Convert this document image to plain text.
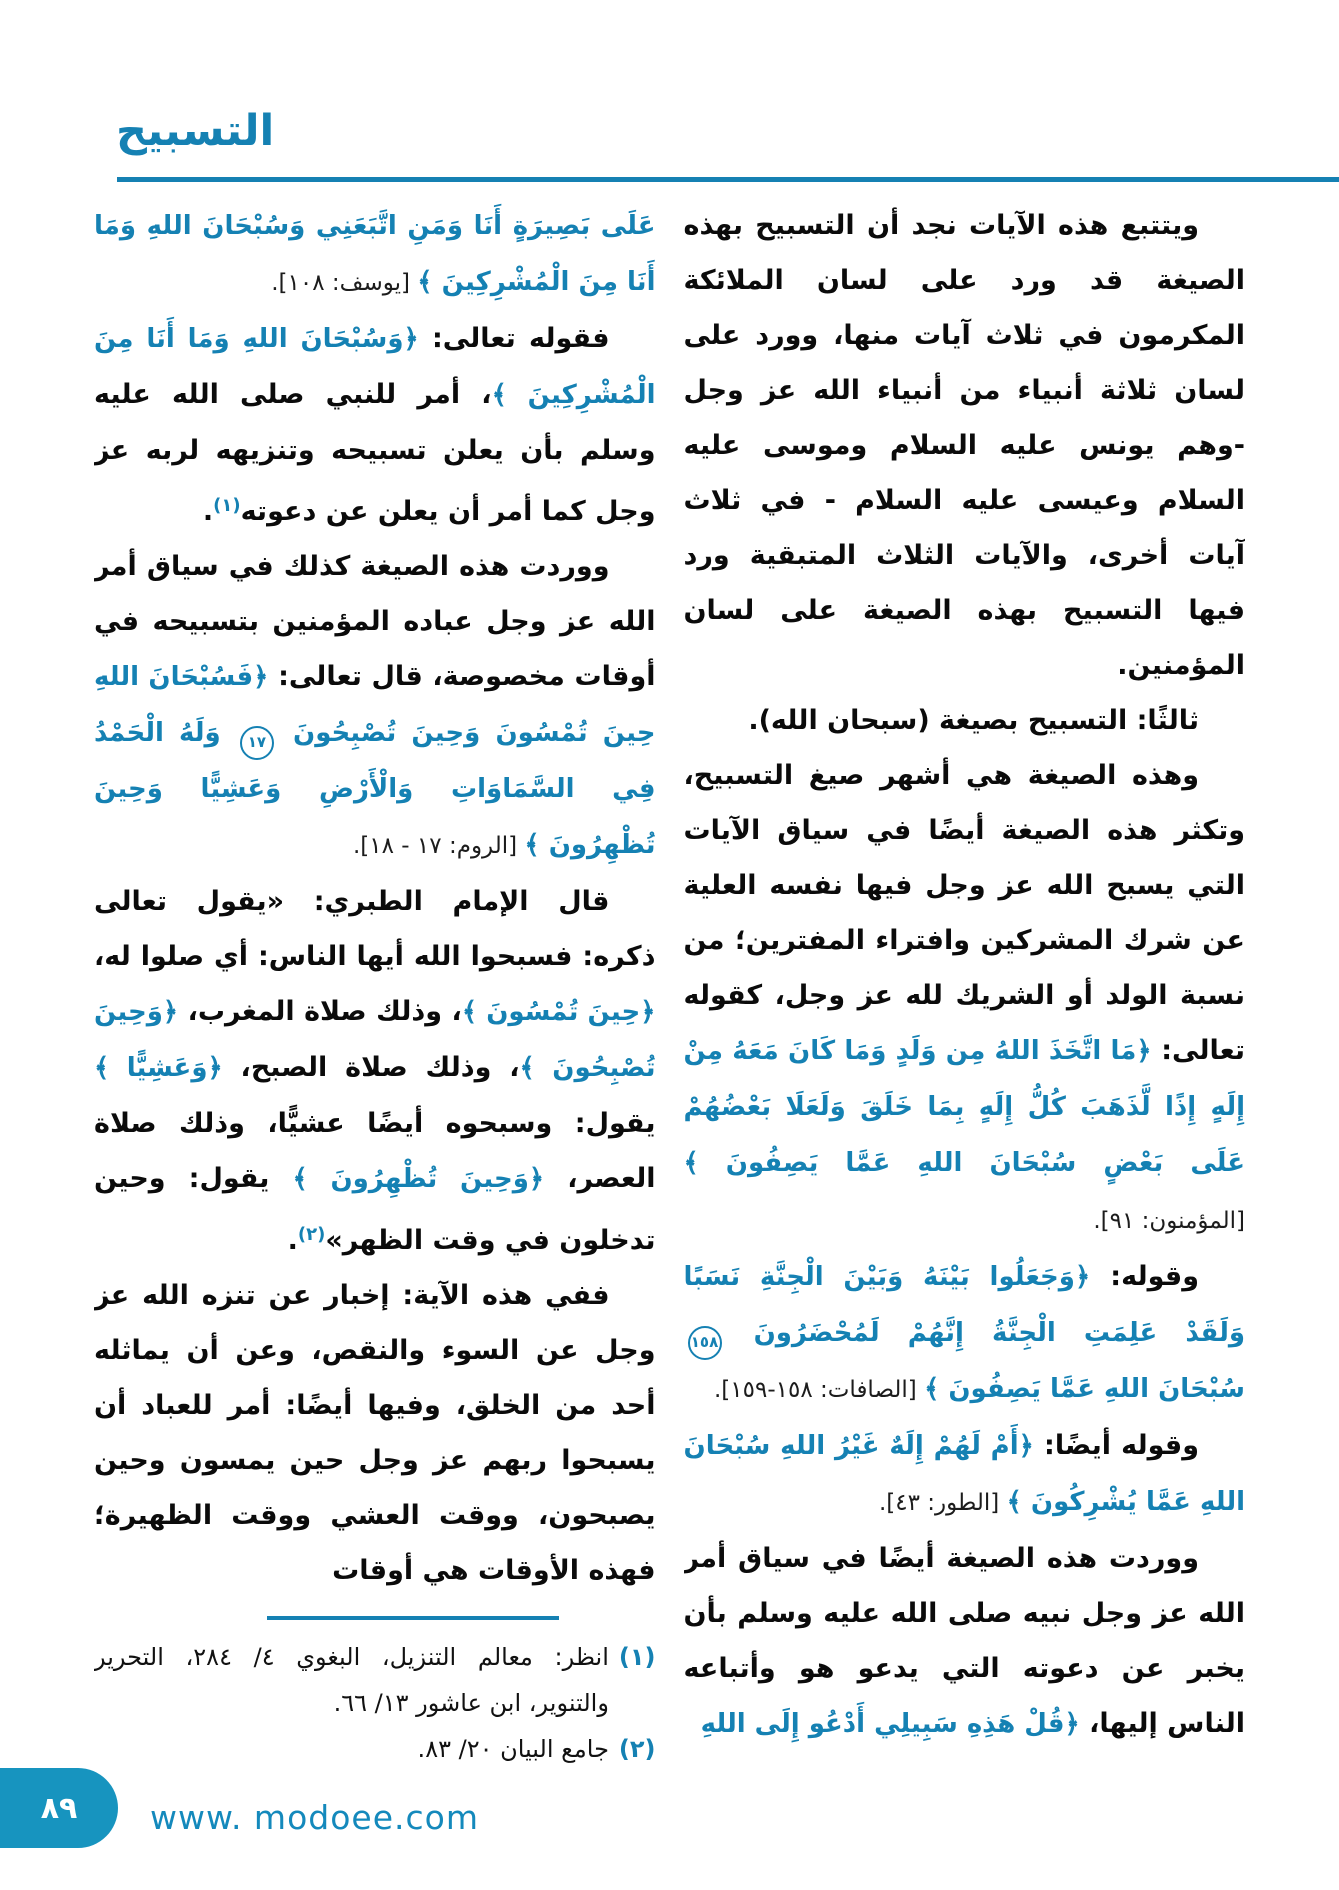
التسبيح

ويتتبع هذه الآيات نجد أن التسبيح بهذه الصيغة قد ورد على لسان الملائكة المكرمون في ثلاث آيات منها، وورد على لسان ثلاثة أنبياء من أنبياء الله عز وجل -وهم يونس عليه السلام وموسى عليه السلام وعيسى عليه السلام - في ثلاث آيات أخرى، والآيات الثلاث المتبقية ورد فيها التسبيح بهذه الصيغة على لسان المؤمنين.

ثالثًا: التسبيح بصيغة (سبحان الله).

وهذه الصيغة هي أشهر صيغ التسبيح، وتكثر هذه الصيغة أيضًا في سياق الآيات التي يسبح الله عز وجل فيها نفسه العلية عن شرك المشركين وافتراء المفترين؛ من نسبة الولد أو الشريك لله عز وجل، كقوله تعالى: ﴿مَا اتَّخَذَ اللهُ مِن وَلَدٍ وَمَا كَانَ مَعَهُ مِنْ إِلَهٍ إِذًا لَّذَهَبَ كُلُّ إِلَهٍ بِمَا خَلَقَ وَلَعَلَا بَعْضُهُمْ عَلَى بَعْضٍ سُبْحَانَ اللهِ عَمَّا يَصِفُونَ ﴾ [المؤمنون: ٩١].

وقوله: ﴿وَجَعَلُوا بَيْنَهُ وَبَيْنَ الْجِنَّةِ نَسَبًا وَلَقَدْ عَلِمَتِ الْجِنَّةُ إِنَّهُمْ لَمُحْضَرُونَ ١٥٨ سُبْحَانَ اللهِ عَمَّا يَصِفُونَ ﴾ [الصافات: ١٥٨-١٥٩].

وقوله أيضًا: ﴿أَمْ لَهُمْ إِلَهٌ غَيْرُ اللهِ سُبْحَانَ اللهِ عَمَّا يُشْرِكُونَ ﴾ [الطور: ٤٣].

ووردت هذه الصيغة أيضًا في سياق أمر الله عز وجل نبيه صلى الله عليه وسلم بأن يخبر عن دعوته التي يدعو هو وأتباعه الناس إليها، ﴿قُلْ هَذِهِ سَبِيلِي أَدْعُو إِلَى اللهِ

عَلَى بَصِيرَةٍ أَنَا وَمَنِ اتَّبَعَنِي وَسُبْحَانَ اللهِ وَمَا أَنَا مِنَ الْمُشْرِكِينَ ﴾ [يوسف: ١٠٨].

فقوله تعالى: ﴿وَسُبْحَانَ اللهِ وَمَا أَنَا مِنَ الْمُشْرِكِينَ ﴾، أمر للنبي صلى الله عليه وسلم بأن يعلن تسبيحه وتنزيهه لربه عز وجل كما أمر أن يعلن عن دعوته$^{(١)}$.

ووردت هذه الصيغة كذلك في سياق أمر الله عز وجل عباده المؤمنين بتسبيحه في أوقات مخصوصة، قال تعالى: ﴿فَسُبْحَانَ اللهِ حِينَ تُمْسُونَ وَحِينَ تُصْبِحُونَ ١٧ وَلَهُ الْحَمْدُ فِي السَّمَاوَاتِ وَالْأَرْضِ وَعَشِيًّا وَحِينَ تُظْهِرُونَ ﴾ [الروم: ١٧ - ١٨].

قال الإمام الطبري: «يقول تعالى ذكره: فسبحوا الله أيها الناس: أي صلوا له، ﴿حِينَ تُمْسُونَ ﴾، وذلك صلاة المغرب، ﴿وَحِينَ تُصْبِحُونَ ﴾، وذلك صلاة الصبح، ﴿وَعَشِيًّا ﴾ يقول: وسبحوه أيضًا عشيًّا، وذلك صلاة العصر، ﴿وَحِينَ تُظْهِرُونَ ﴾ يقول: وحين تدخلون في وقت الظهر»$^{(٢)}$.

ففي هذه الآية: إخبار عن تنزه الله عز وجل عن السوء والنقص، وعن أن يماثله أحد من الخلق، وفيها أيضًا: أمر للعباد أن يسبحوا ربهم عز وجل حين يمسون وحين يصبحون، ووقت العشي ووقت الظهيرة؛ فهذه الأوقات هي أوقات

(١)
انظر: معالم التنزيل، البغوي ٤/ ٢٨٤، التحرير والتنوير، ابن عاشور ١٣/ ٦٦.
(٢)
جامع البيان ٢٠/ ٨٣.
٨٩ www. modoee.com
